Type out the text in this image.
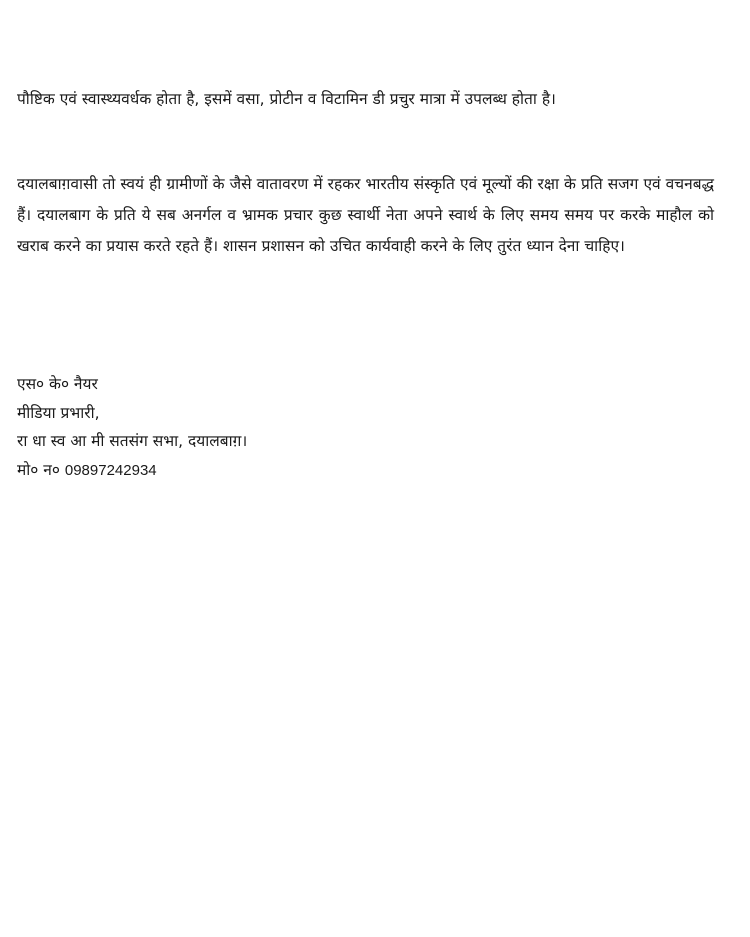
पौष्टिक एवं स्वास्थ्यवर्धक होता है, इसमें वसा, प्रोटीन व विटामिन डी प्रचुर मात्रा में उपलब्ध होता है।

दयालबाग़वासी तो स्वयं ही ग्रामीणों के जैसे वातावरण में रहकर भारतीय संस्कृति एवं मूल्यों की रक्षा के प्रति सजग एवं वचनबद्ध हैं। दयालबाग के प्रति ये सब अनर्गल व भ्रामक प्रचार कुछ स्वार्थी नेता अपने स्वार्थ के लिए समय समय पर करके माहौल को खराब करने का प्रयास करते रहते हैं। शासन प्रशासन को उचित कार्यवाही करने के लिए तुरंत ध्यान देना चाहिए।

एस० के० नैयर
मीडिया प्रभारी,
रा धा स्व आ मी सतसंग सभा, दयालबाग़।
मो० न० 09897242934
